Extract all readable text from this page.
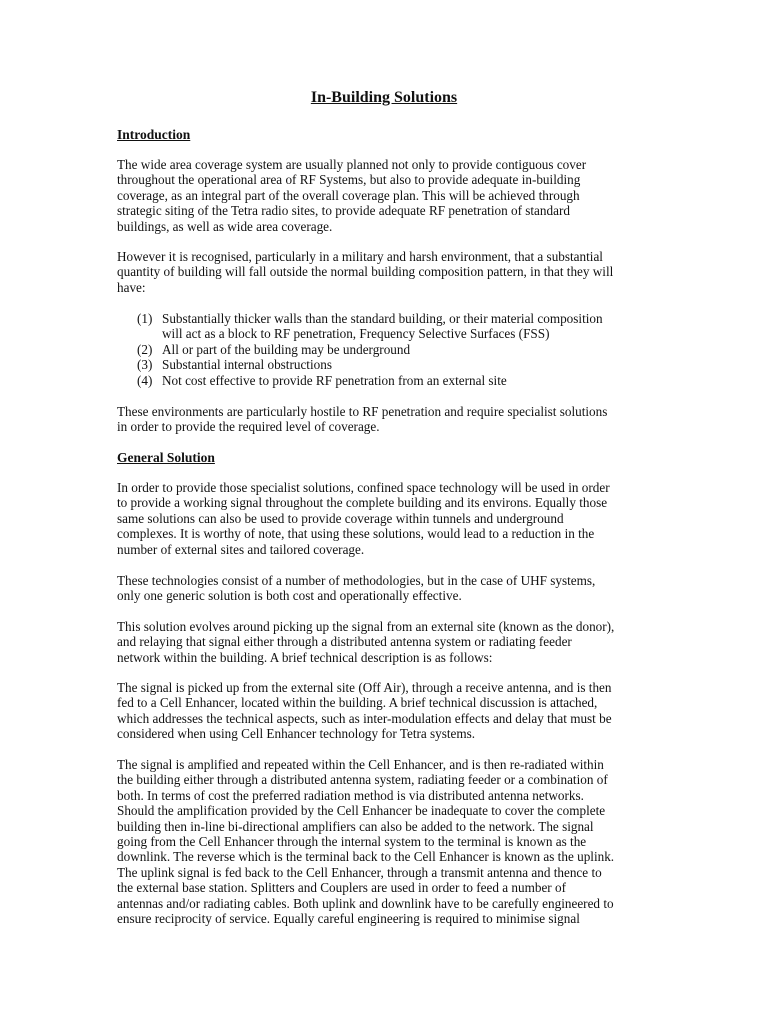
In-Building Solutions
Introduction
The wide area coverage system are usually planned not only to provide contiguous cover
throughout the operational area of RF Systems, but also to provide adequate in-building
coverage, as an integral part of the overall coverage plan. This will be achieved through
strategic siting of the Tetra radio sites, to provide adequate RF penetration of standard
buildings, as well as wide area coverage.
However it is recognised, particularly in a military and harsh environment, that a substantial
quantity of building will fall outside the normal building composition pattern, in that they will
have:
(1) Substantially thicker walls than the standard building, or their material composition
will act as a block to RF penetration, Frequency Selective Surfaces (FSS)
(2) All or part of the building may be underground
(3) Substantial internal obstructions
(4) Not cost effective to provide RF penetration from an external site
These environments are particularly hostile to RF penetration and require specialist solutions
in order to provide the required level of coverage.
General Solution
In order to provide those specialist solutions, confined space technology will be used in order
to provide a working signal throughout the complete building and its environs. Equally those
same solutions can also be used to provide coverage within tunnels and underground
complexes. It is worthy of note, that using these solutions, would lead to a reduction in the
number of external sites and tailored coverage.
These technologies consist of a number of methodologies, but in the case of UHF systems,
only one generic solution is both cost and operationally effective.
This solution evolves around picking up the signal from an external site (known as the donor),
and relaying that signal either through a distributed antenna system or radiating feeder
network within the building. A brief technical description is as follows:
The signal is picked up from the external site (Off Air), through a receive antenna, and is then
fed to a Cell Enhancer, located within the building. A brief technical discussion is attached,
which addresses the technical aspects, such as inter-modulation effects and delay that must be
considered when using Cell Enhancer technology for Tetra systems.
The signal is amplified and repeated within the Cell Enhancer, and is then re-radiated within
the building either through a distributed antenna system, radiating feeder or a combination of
both. In terms of cost the preferred radiation method is via distributed antenna networks.
Should the amplification provided by the Cell Enhancer be inadequate to cover the complete
building then in-line bi-directional amplifiers can also be added to the network. The signal
going from the Cell Enhancer through the internal system to the terminal is known as the
downlink. The reverse which is the terminal back to the Cell Enhancer is known as the uplink.
The uplink signal is fed back to the Cell Enhancer, through a transmit antenna and thence to
the external base station. Splitters and Couplers are used in order to feed a number of
antennas and/or radiating cables. Both uplink and downlink have to be carefully engineered to
ensure reciprocity of service. Equally careful engineering is required to minimise signal
